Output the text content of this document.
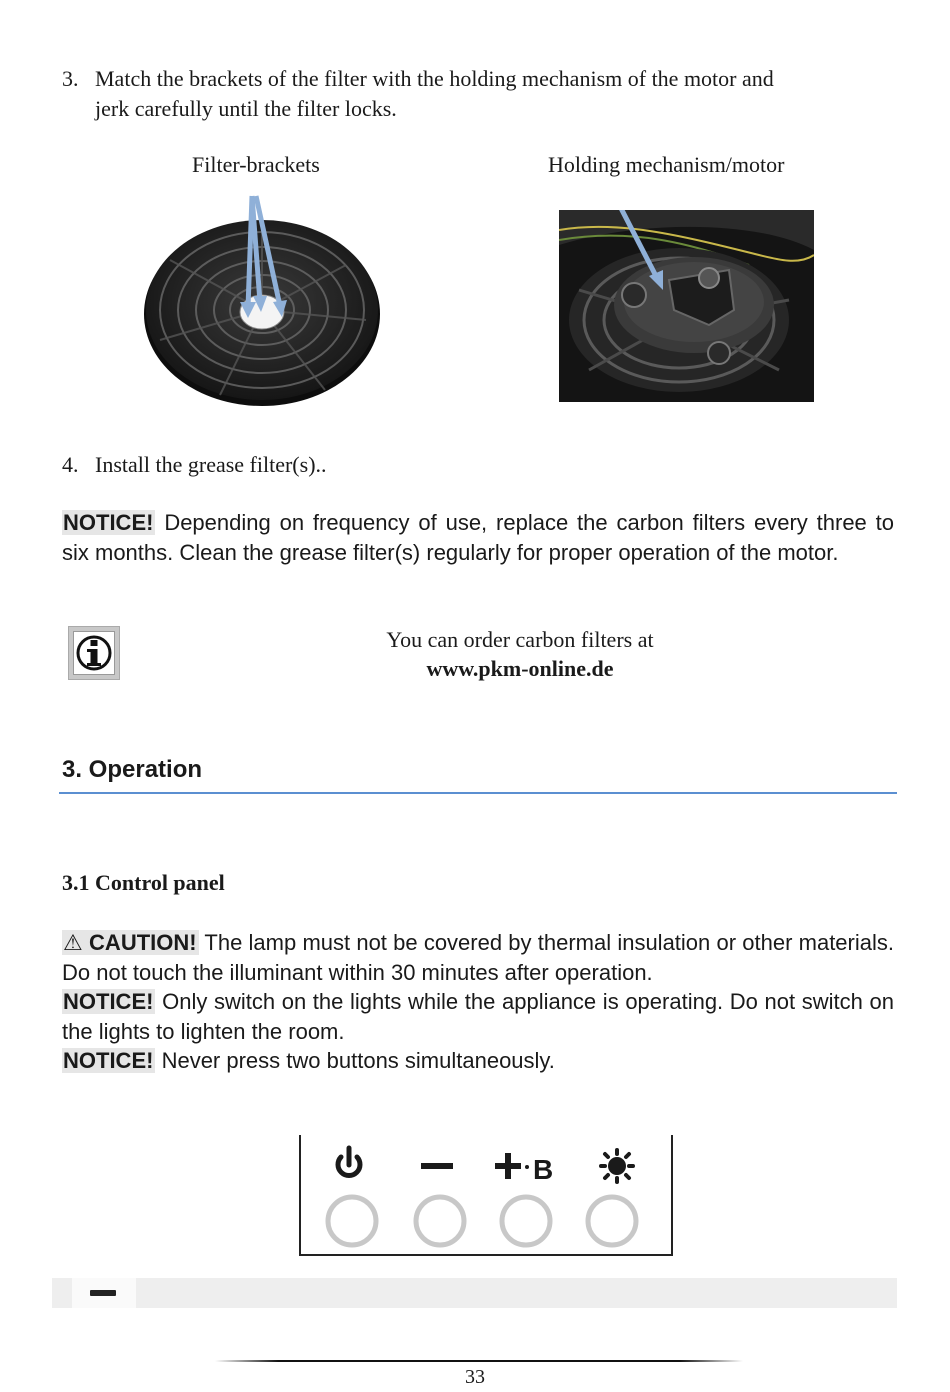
3. Match the brackets of the filter with the holding mechanism of the motor and
jerk carefully until the filter locks.
Filter-brackets	Holding mechanism/motor
4. Install the grease filter(s)..
NOTICE! Depending on frequency of use, replace the carbon filters every three to six months. Clean the grease filter(s) regularly for proper operation of the motor.
You can order carbon filters at
www.pkm-online.de
3. Operation
3.1 Control panel
⚠ CAUTION! The lamp must not be covered by thermal insulation or other materials. Do not touch the illuminant within 30 minutes after operation.
NOTICE! Only switch on the lights while the appliance is operating. Do not switch on the lights to lighten the room.
NOTICE! Never press two buttons simultaneously.
B
33
